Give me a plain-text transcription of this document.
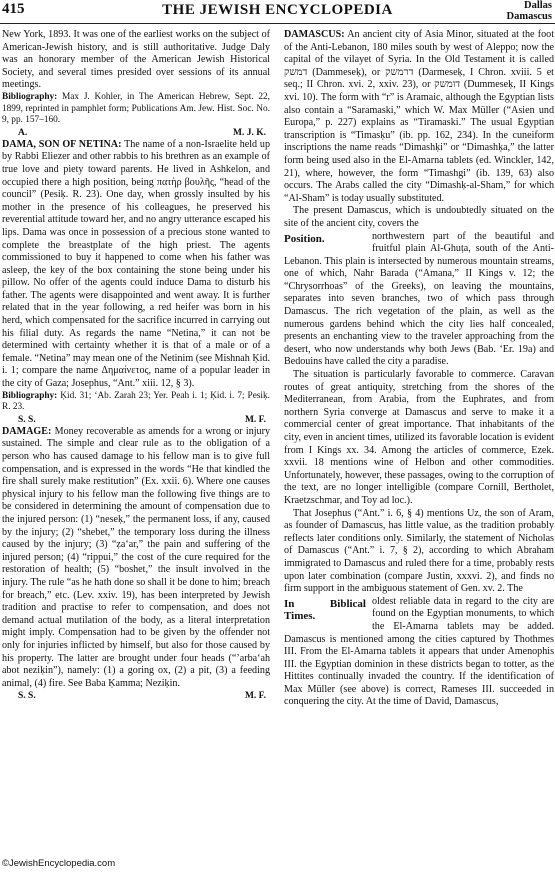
415	THE JEWISH ENCYCLOPEDIA	Dallas
Damascus

New York, 1893. It was one of the earliest works on the subject of American-Jewish history, and is still authoritative. Judge Daly was an honorary member of the American Jewish Historical Society, and several times presided over sessions of its annual meetings.

Bibliography: Max J. Kohler, in The American Hebrew, Sept. 22, 1899, reprinted in pamphlet form; Publications Am. Jew. Hist. Soc. No. 9, pp. 157–160.

A.	M. J. K.

DAMA, SON OF NETINA: The name of a non-Israelite held up by Rabbi Eliezer and other rabbis to his brethren as an example of true love and piety toward parents. He lived in Ashkelon, and occupied there a high position, being πατὴρ βουλῆς, “head of the council” (Pesiḳ. R. 23). One day, when grossly insulted by his mother in the presence of his colleagues, he preserved his reverential attitude toward her, and no angry utterance escaped his lips. Dama was once in possession of a precious stone wanted to complete the breastplate of the high priest. The agents commissioned to buy it happened to come when his father was asleep, the key of the box containing the stone being under his pillow. No offer of the agents could induce Dama to disturb his father. The agents were disappointed and went away. It is further related that in the year following, a red heifer was born in his herd, which compensated for the sacrifice incurred in carrying out his filial duty. As regards the name “Netina,” it can not be determined with certainty whether it is that of a male or of a female. “Netina” may mean one of the Netinim (see Mishnah Ḳid. i. 1; compare the name Δημαίνετος, name of a popular leader in the city of Gaza; Josephus, “Ant.” xiii. 12, § 3).

Bibliography: Ḳid. 31; ‘Ab. Zarah 23; Yer. Peah i. 1; Ḳid. i. 7; Pesiḳ. R. 23.

S. S.	M. F.

DAMAGE: Money recoverable as amends for a wrong or injury sustained. The simple and clear rule as to the obligation of a person who has caused damage to his fellow man is to give full compensation, and is expressed in the words “He that kindled the fire shall surely make restitution” (Ex. xxii. 6). Where one causes physical injury to his fellow man the following five things are to be considered in determining the amount of compensation due to the injured person: (1) “neseḳ,” the permanent loss, if any, caused by the injury; (2) “shebet,” the temporary loss during the illness caused by the injury; (3) “ẓa‘ar,” the pain and suffering of the injured person; (4) “rippui,” the cost of the cure required for the restoration of health; (5) “boshet,” the insult involved in the injury. The rule “as he hath done so shall it be done to him; breach for breach,” etc. (Lev. xxiv. 19), has been interpreted by Jewish tradition and practise to refer to compensation, and does not demand actual mutilation of the body, as a literal interpretation might imply. Compensation had to be given by the offender not only for injuries inflicted by himself, but also for those caused by his property. The latter are brought under four heads (“’arba‘ah abot neziḳin”), namely: (1) a goring ox, (2) a pit, (3) a feeding animal, (4) fire. See Baba Ḳamma; Neziḳin.

S. S.	M. F.

DAMASCUS: An ancient city of Asia Minor, situated at the foot of the Anti-Lebanon, 180 miles south by west of Aleppo; now the capital of the vilayet of Syria. In the Old Testament it is called דמשק (Dammeseḳ), or דרמשק (Darmeseḳ, I Chron. xviii. 5 et seq.; II Chron. xvi. 2, xxiv. 23), or דומשק (Dummeseḳ, II Kings xvi. 10). The form with “r” is Aramaic, although the Egyptian lists also contain a “Saramaski,” which W. Max Müller (“Asien und Europa,” p. 227) explains as “Tiramaski.” The usual Egyptian transcription is “Timasḳu” (ib. pp. 162, 234). In the cuneiform inscriptions the name reads “Dimashḳi” or “Dimashḳa,” the latter form being used also in the El-Amarna tablets (ed. Winckler, 142, 21), where, however, the form “Timashgi” (ib. 139, 63) also occurs. The Arabs called the city “Dimashḳ-al-Sham,” for which “Al-Sham” is today usually substituted.

The present Damascus, which is undoubtedly situated on the site of the ancient city, covers the

Position.	northwestern part of the beautiful and fruitful plain Al-Ghuṭa, south of the Anti-Lebanon. This plain is intersected by numerous mountain streams, one of which, Nahr Barada (“Amana,” II Kings v. 12; the “Chrysorrhoas” of the Greeks), on leaving the mountains, separates into seven branches, two of which pass through Damascus. The rich vegetation of the plain, as well as the numerous gardens behind which the city lies half concealed, presents an enchanting view to the traveler approaching from the desert, who now understands why both Jews (Bab. ‘Er. 19a) and Bedouins have called the city a paradise.

The situation is particularly favorable to commerce. Caravan routes of great antiquity, stretching from the shores of the Mediterranean, from Arabia, from the Euphrates, and from northern Syria converge at Damascus and serve to make it a commercial center of great importance. That inhabitants of the city, even in ancient times, utilized its favorable location is evident from I Kings xx. 34. Among the articles of commerce, Ezek. xxvii. 18 mentions wine of Helbon and other commodities. Unfortunately, however, these passages, owing to the corruption of the text, are no longer intelligible (compare Cornill, Bertholet, Kraetzschmar, and Toy ad loc.).

That Josephus (“Ant.” i. 6, § 4) mentions Uz, the son of Aram, as founder of Damascus, has little value, as the tradition probably reflects later conditions only. Similarly, the statement of Nicholas of Damascus (“Ant.” i. 7, § 2), according to which Abraham immigrated to Damascus and ruled there for a time, probably rests upon later combination (compare Justin, xxxvi. 2), and finds no firm support in the ambiguous statement of Gen. xv. 2. The

In Biblical Times.
oldest reliable data in regard to the city are found on the Egyptian monuments, to which the El-Amarna tablets may be added. Damascus is mentioned among the cities captured by Thothmes III. From the El-Amarna tablets it appears that under Amenophis III. the Egyptian dominion in these districts began to totter, as the Hittites continually invaded the country. If the identification of Max Müller (see above) is correct, Rameses III. succeeded in conquering the city. At the time of David, Damascus,

©JewishEncyclopedia.com
